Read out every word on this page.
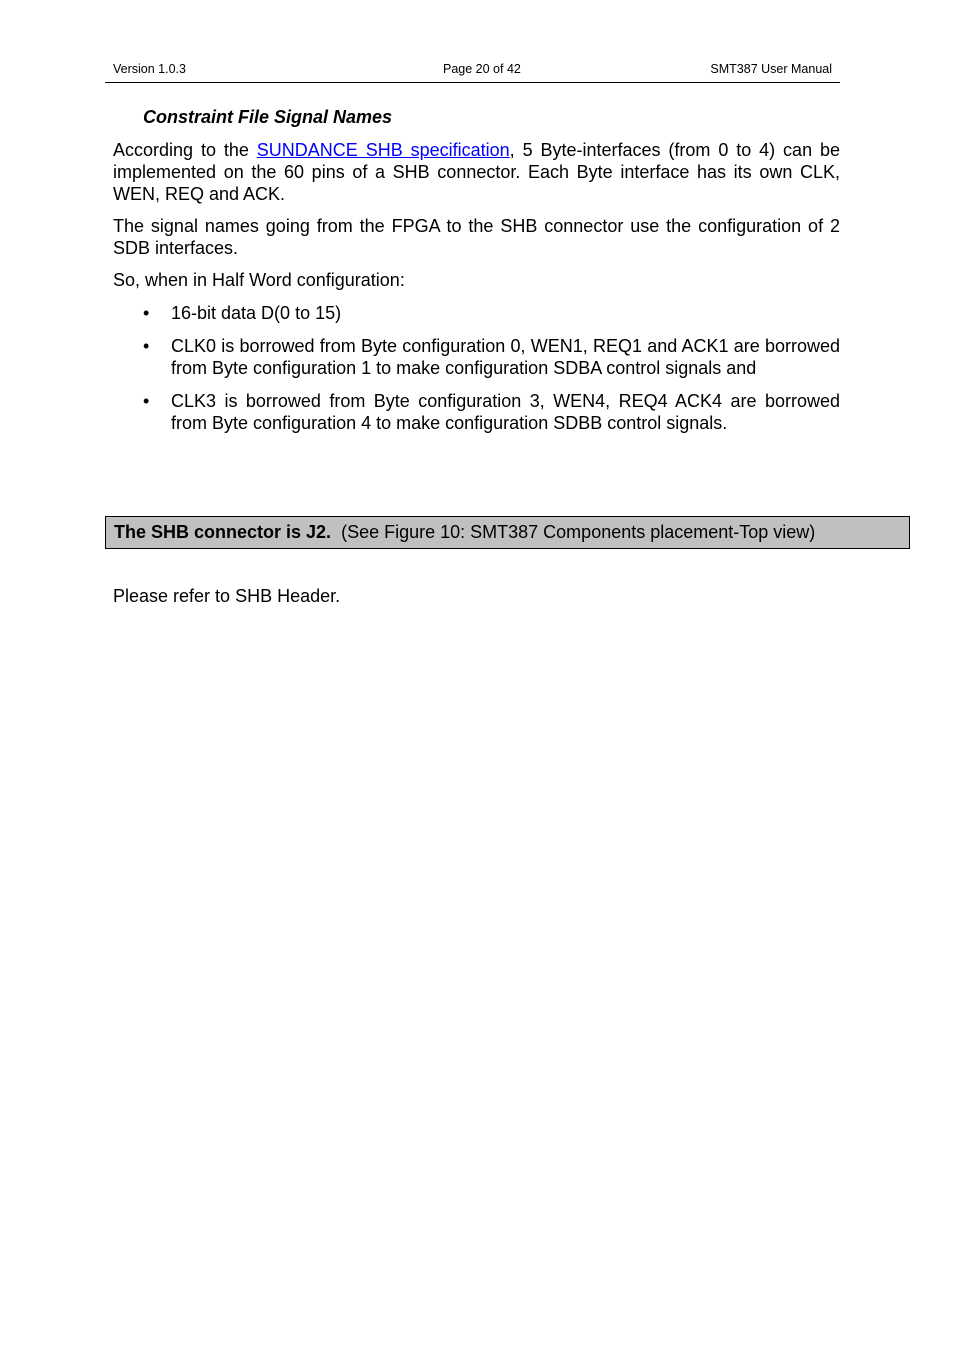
Version 1.0.3	Page 20 of 42	SMT387 User Manual
Constraint File Signal Names

According to the SUNDANCE SHB specification, 5 Byte-interfaces (from 0 to 4) can be implemented on the 60 pins of a SHB connector. Each Byte interface has its own CLK, WEN, REQ and ACK.

The signal names going from the FPGA to the SHB connector use the configuration of 2 SDB interfaces.

So, when in Half Word configuration:

• 16-bit data D(0 to 15)
• CLK0 is borrowed from Byte configuration 0, WEN1, REQ1 and ACK1 are borrowed from Byte configuration 1 to make configuration SDBA control signals and
• CLK3 is borrowed from Byte configuration 3, WEN4, REQ4 ACK4 are borrowed from Byte configuration 4 to make configuration SDBB control signals.
The SHB connector is J2. (See Figure 10: SMT387 Components placement-Top view)

Please refer to SHB Header.
